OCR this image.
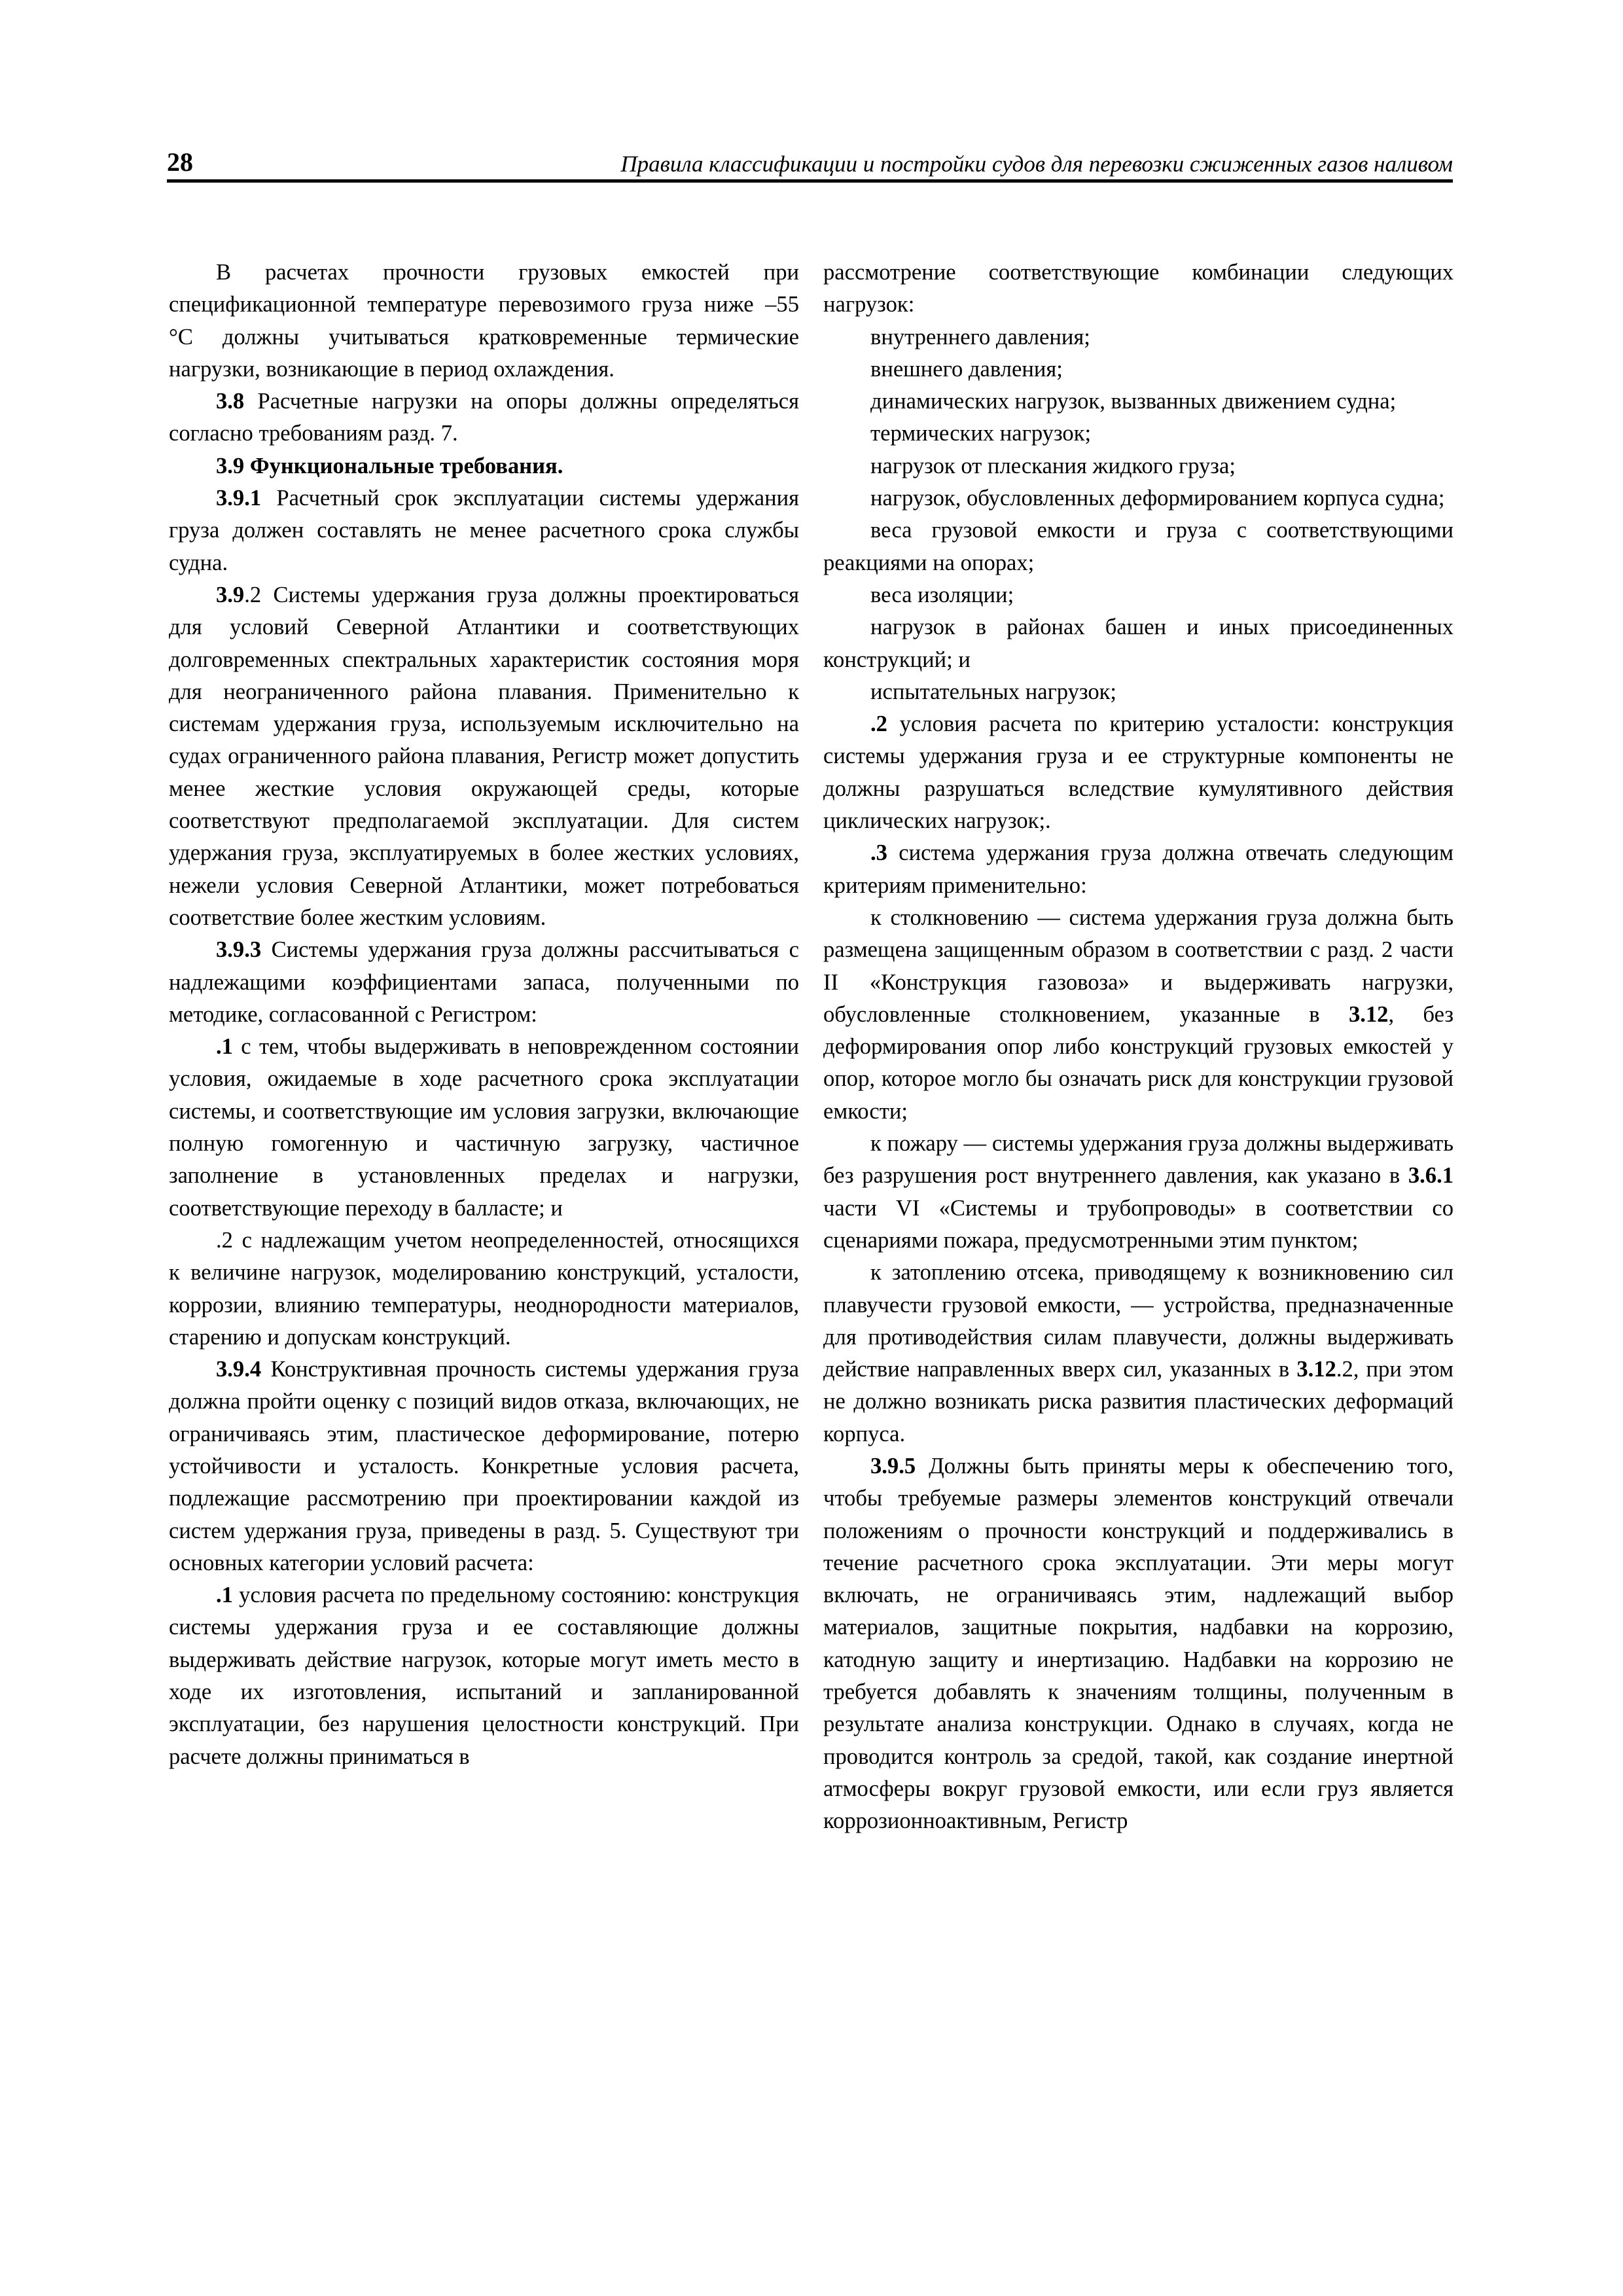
28	Правила классификации и постройки судов для перевозки сжиженных газов наливом

В расчетах прочности грузовых емкостей при спецификационной температуре перевозимого груза ниже –55 °С должны учитываться кратковременные термические нагрузки, возникающие в период охлаждения.

3.8 Расчетные нагрузки на опоры должны определяться согласно требованиям разд. 7.

3.9 Функциональные требования.

3.9.1 Расчетный срок эксплуатации системы удержания груза должен составлять не менее расчетного срока службы судна.

3.9.2 Системы удержания груза должны проектироваться для условий Северной Атлантики и соответствующих долговременных спектральных характеристик состояния моря для неограниченного района плавания. Применительно к системам удержания груза, используемым исключительно на судах ограниченного района плавания, Регистр может допустить менее жесткие условия окружающей среды, которые соответствуют предполагаемой эксплуатации. Для систем удержания груза, эксплуатируемых в более жестких условиях, нежели условия Северной Атлантики, может потребоваться соответствие более жестким условиям.

3.9.3 Системы удержания груза должны рассчитываться с надлежащими коэффициентами запаса, полученными по методике, согласованной с Регистром:

.1 с тем, чтобы выдерживать в неповрежденном состоянии условия, ожидаемые в ходе расчетного срока эксплуатации системы, и соответствующие им условия загрузки, включающие полную гомогенную и частичную загрузку, частичное заполнение в установленных пределах и нагрузки, соответствующие переходу в балласте; и

.2 с надлежащим учетом неопределенностей, относящихся к величине нагрузок, моделированию конструкций, усталости, коррозии, влиянию температуры, неоднородности материалов, старению и допускам конструкций.

3.9.4 Конструктивная прочность системы удержания груза должна пройти оценку с позиций видов отказа, включающих, не ограничиваясь этим, пластическое деформирование, потерю устойчивости и усталость. Конкретные условия расчета, подлежащие рассмотрению при проектировании каждой из систем удержания груза, приведены в разд. 5. Существуют три основных категории условий расчета:

.1 условия расчета по предельному состоянию: конструкция системы удержания груза и ее составляющие должны выдерживать действие нагрузок, которые могут иметь место в ходе их изготовления, испытаний и запланированной эксплуатации, без нарушения целостности конструкций. При расчете должны приниматься в

рассмотрение соответствующие комбинации следующих нагрузок:

внутреннего давления;

внешнего давления;

динамических нагрузок, вызванных движением судна;

термических нагрузок;

нагрузок от плескания жидкого груза;

нагрузок, обусловленных деформированием корпуса судна;

веса грузовой емкости и груза с соответствующими реакциями на опорах;

веса изоляции;

нагрузок в районах башен и иных присоединенных конструкций; и

испытательных нагрузок;

.2 условия расчета по критерию усталости: конструкция системы удержания груза и ее структурные компоненты не должны разрушаться вследствие кумулятивного действия циклических нагрузок;.

.3 система удержания груза должна отвечать следующим критериям применительно:

к столкновению — система удержания груза должна быть размещена защищенным образом в соответствии с разд. 2 части II «Конструкция газовоза» и выдерживать нагрузки, обусловленные столкновением, указанные в 3.12, без деформирования опор либо конструкций грузовых емкостей у опор, которое могло бы означать риск для конструкции грузовой емкости;

к пожару — системы удержания груза должны выдерживать без разрушения рост внутреннего давления, как указано в 3.6.1 части VI «Системы и трубопроводы» в соответствии со сценариями пожара, предусмотренными этим пунктом;

к затоплению отсека, приводящему к возникновению сил плавучести грузовой емкости, — устройства, предназначенные для противодействия силам плавучести, должны выдерживать действие направленных вверх сил, указанных в 3.12.2, при этом не должно возникать риска развития пластических деформаций корпуса.

3.9.5 Должны быть приняты меры к обеспечению того, чтобы требуемые размеры элементов конструкций отвечали положениям о прочности конструкций и поддерживались в течение расчетного срока эксплуатации. Эти меры могут включать, не ограничиваясь этим, надлежащий выбор материалов, защитные покрытия, надбавки на коррозию, катодную защиту и инертизацию. Надбавки на коррозию не требуется добавлять к значениям толщины, полученным в результате анализа конструкции. Однако в случаях, когда не проводится контроль за средой, такой, как создание инертной атмосферы вокруг грузовой емкости, или если груз является коррозионноактивным, Регистр
